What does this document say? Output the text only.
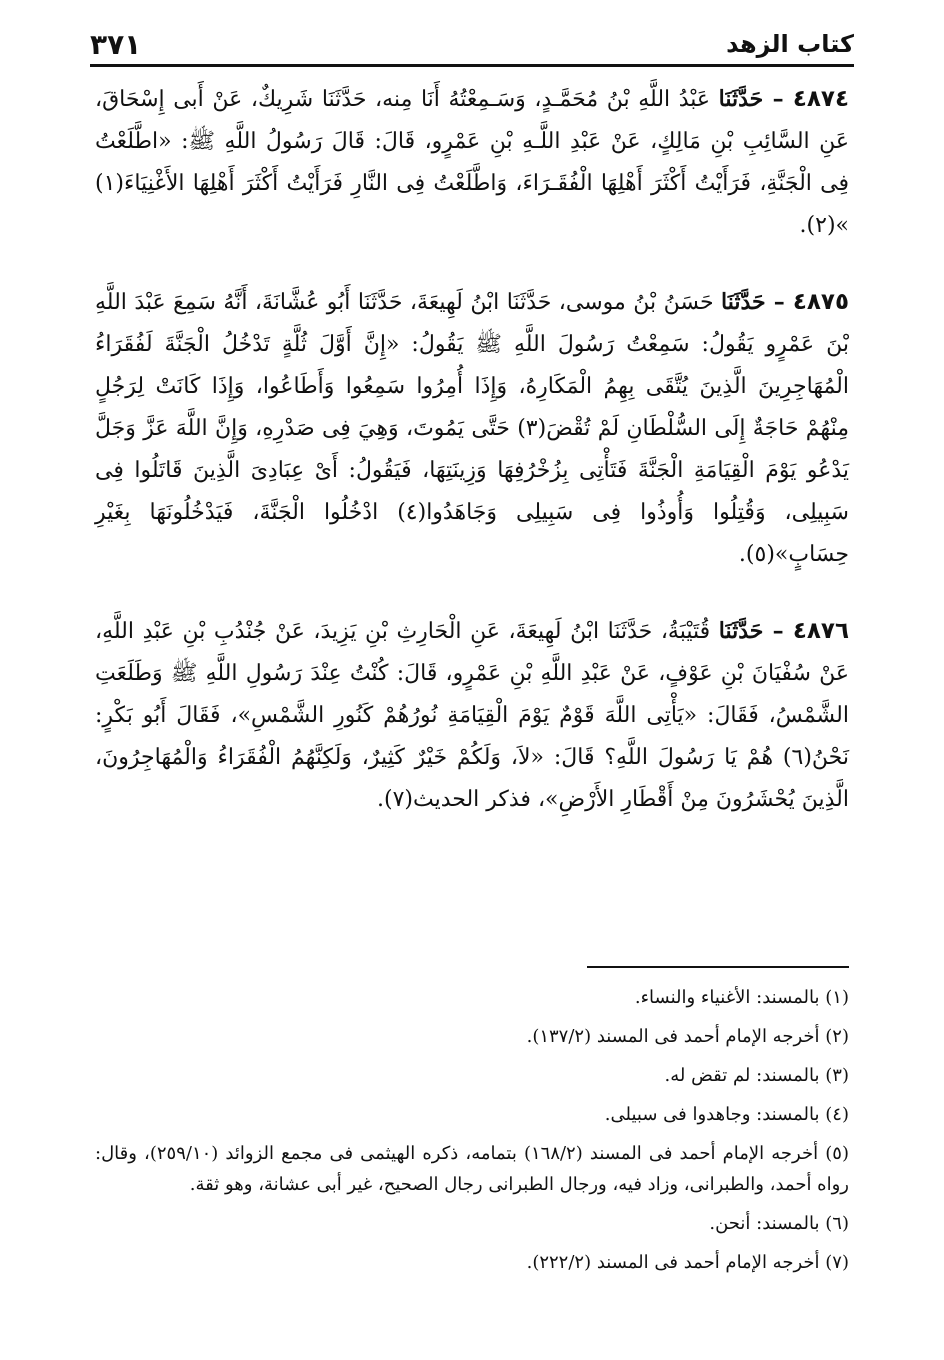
كتاب الزهد
٣٧١

٤٨٧٤ – حَدَّثَنَا عَبْدُ اللَّهِ بْنُ مُحَمَّـدٍ، وَسَـمِعْتُهُ أَنَا مِنه، حَدَّثَنَا شَرِيكٌ، عَنْ أَبى إِسْحَاقَ، عَنِ السَّائِبِ بْنِ مَالِكٍ، عَنْ عَبْدِ اللَّـهِ بْنِ عَمْرٍو، قَالَ: قَالَ رَسُولُ اللَّهِ ﷺ: «اطَّلَعْتُ فِى الْجَنَّةِ، فَرَأَيْتُ أَكْثَرَ أَهْلِهَا الْفُقَـرَاءَ، وَاطَّلَعْتُ فِى النَّارِ فَرَأَيْتُ أَكْثَرَ أَهْلِهَا الأَغْنِيَاءَ(١) »(٢).

٤٨٧٥ – حَدَّثَنَا حَسَنُ بْنُ موسى، حَدَّثَنَا ابْنُ لَهِيعَةَ، حَدَّثَنَا أَبُو عُشَّانَةَ، أَنَّهُ سَمِعَ عَبْدَ اللَّهِ بْنَ عَمْرٍو يَقُولُ: سَمِعْتُ رَسُولَ اللَّهِ ﷺ يَقُولُ: «إِنَّ أَوَّلَ ثُلَّةٍ تَدْخُلُ الْجَنَّةَ لَفُقَرَاءُ الْمُهَاجِرِينَ الَّذِينَ يُتَّقَى بِهِمُ الْمَكَارِهُ، وَإِذَا أُمِرُوا سَمِعُوا وَأَطَاعُوا، وَإِذَا كَانَتْ لِرَجُلٍ مِنْهُمْ حَاجَةٌ إِلَى السُّلْطَانِ لَمْ تُقْضَ(٣) حَتَّى يَمُوتَ، وَهِيَ فِى صَدْرِهِ، وَإِنَّ اللَّهَ عَزَّ وَجَلَّ يَدْعُو يَوْمَ الْقِيَامَةِ الْجَنَّةَ فَتَأْتِى بِزُخْرُفِهَا وَزِينَتِهَا، فَيَقُولُ: أَىْ عِبَادِىَ الَّذِينَ قَاتَلُوا فِى سَبِيلِى، وَقُتِلُوا وَأُوذُوا فِى سَبِيلِى وَجَاهَدُوا(٤) ادْخُلُوا الْجَنَّةَ، فَيَدْخُلُونَهَا بِغَيْرِ حِسَابٍ»(٥).

٤٨٧٦ – حَدَّثَنَا قُتَيْبَةُ، حَدَّثَنَا ابْنُ لَهِيعَةَ، عَنِ الْحَارِثِ بْنِ يَزِيدَ، عَنْ جُنْدُبِ بْنِ عَبْدِ اللَّهِ، عَنْ سُفْيَانَ بْنِ عَوْفٍ، عَنْ عَبْدِ اللَّهِ بْنِ عَمْرٍو، قَالَ: كُنْتُ عِنْدَ رَسُولِ اللَّهِ ﷺ وَطَلَعَتِ الشَّمْسُ، فَقَالَ: «يَأْتِى اللَّهَ قَوْمٌ يَوْمَ الْقِيَامَةِ نُورُهُمْ كَنُورِ الشَّمْسِ»، فَقَالَ أَبُو بَكْرٍ: نَحْنُ(٦) هُمْ يَا رَسُولَ اللَّهِ؟ قَالَ: «لاَ، وَلَكُمْ خَيْرٌ كَثِيرٌ، وَلَكِنَّهُمُ الْفُقَرَاءُ وَالْمُهَاجِرُونَ، الَّذِينَ يُحْشَرُونَ مِنْ أَقْطَارِ الأَرْضِ»، فذكر الحديث(٧).

(١) بالمسند: الأغنياء والنساء.
(٢) أخرجه الإمام أحمد فى المسند (١٣٧/٢).
(٣) بالمسند: لم تقض له.
(٤) بالمسند: وجاهدوا فى سبيلى.
(٥) أخرجه الإمام أحمد فى المسند (١٦٨/٢) بتمامه، ذكره الهيثمى فى مجمع الزوائد (٢٥٩/١٠)، وقال: رواه أحمد، والطبرانى، وزاد فيه، ورجال الطبرانى رجال الصحيح، غير أبى عشانة، وهو ثقة.
(٦) بالمسند: أنحن.
(٧) أخرجه الإمام أحمد فى المسند (٢٢٢/٢).
